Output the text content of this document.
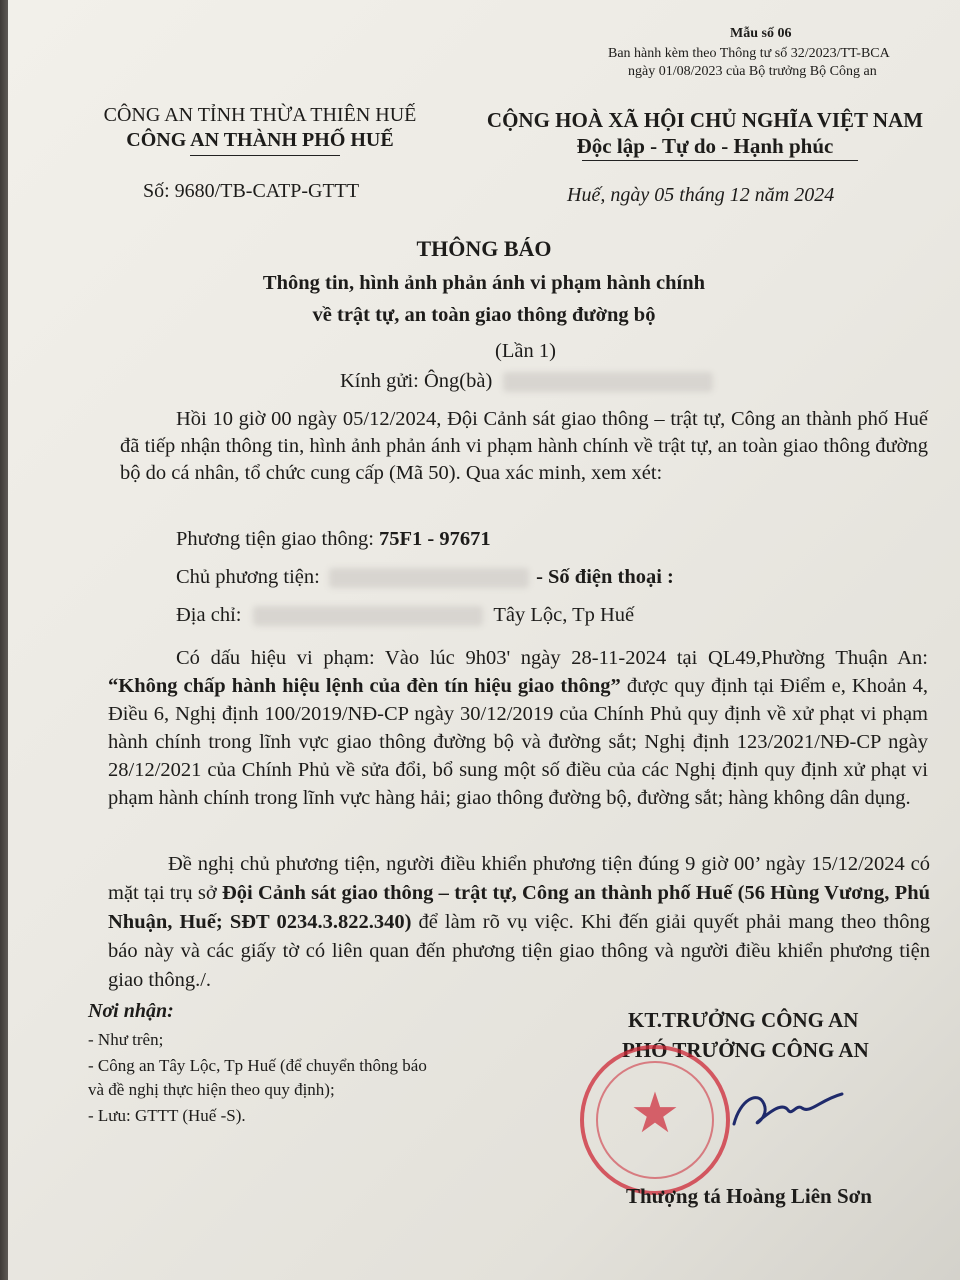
Mẫu số 06
Ban hành kèm theo Thông tư số 32/2023/TT-BCA
ngày 01/08/2023 của Bộ trưởng Bộ Công an
CÔNG AN TỈNH THỪA THIÊN HUẾ
CÔNG AN THÀNH PHỐ HUẾ
Số: 9680/TB-CATP-GTTT
CỘNG HOÀ XÃ HỘI CHỦ NGHĨA VIỆT NAM
Độc lập - Tự do - Hạnh phúc
Huế, ngày 05 tháng 12 năm 2024
THÔNG BÁO
Thông tin, hình ảnh phản ánh vi phạm hành chính
về trật tự, an toàn giao thông đường bộ
(Lần 1)
Kính gửi: Ông(bà)
Hồi 10 giờ 00 ngày 05/12/2024, Đội Cảnh sát giao thông – trật tự, Công an thành phố Huế đã tiếp nhận thông tin, hình ảnh phản ánh vi phạm hành chính về trật tự, an toàn giao thông đường bộ do cá nhân, tổ chức cung cấp (Mã 50). Qua xác minh, xem xét:
Phương tiện giao thông: 75F1 - 97671
Chủ phương tiện:	- Số điện thoại :
Địa chỉ:	Tây Lộc, Tp Huế
Có dấu hiệu vi phạm: Vào lúc 9h03' ngày 28-11-2024 tại QL49,Phường Thuận An: “Không chấp hành hiệu lệnh của đèn tín hiệu giao thông” được quy định tại Điểm e, Khoản 4, Điều 6, Nghị định 100/2019/NĐ-CP ngày 30/12/2019 của Chính Phủ quy định về xử phạt vi phạm hành chính trong lĩnh vực giao thông đường bộ và đường sắt; Nghị định 123/2021/NĐ-CP ngày 28/12/2021 của Chính Phủ về sửa đổi, bổ sung một số điều của các Nghị định quy định xử phạt vi phạm hành chính trong lĩnh vực hàng hải; giao thông đường bộ, đường sắt; hàng không dân dụng.
Đề nghị chủ phương tiện, người điều khiển phương tiện đúng 9 giờ 00’ ngày 15/12/2024 có mặt tại trụ sở Đội Cảnh sát giao thông – trật tự, Công an thành phố Huế (56 Hùng Vương, Phú Nhuận, Huế; SĐT 0234.3.822.340) để làm rõ vụ việc. Khi đến giải quyết phải mang theo thông báo này và các giấy tờ có liên quan đến phương tiện giao thông và người điều khiển phương tiện giao thông./.
Nơi nhận:
- Như trên;
- Công an Tây Lộc, Tp Huế (để chuyển thông báo
và đề nghị thực hiện theo quy định);
- Lưu: GTTT (Huế -S).
KT.TRƯỞNG CÔNG AN
PHÓ TRƯỞNG CÔNG AN
★
Thượng tá Hoàng Liên Sơn
